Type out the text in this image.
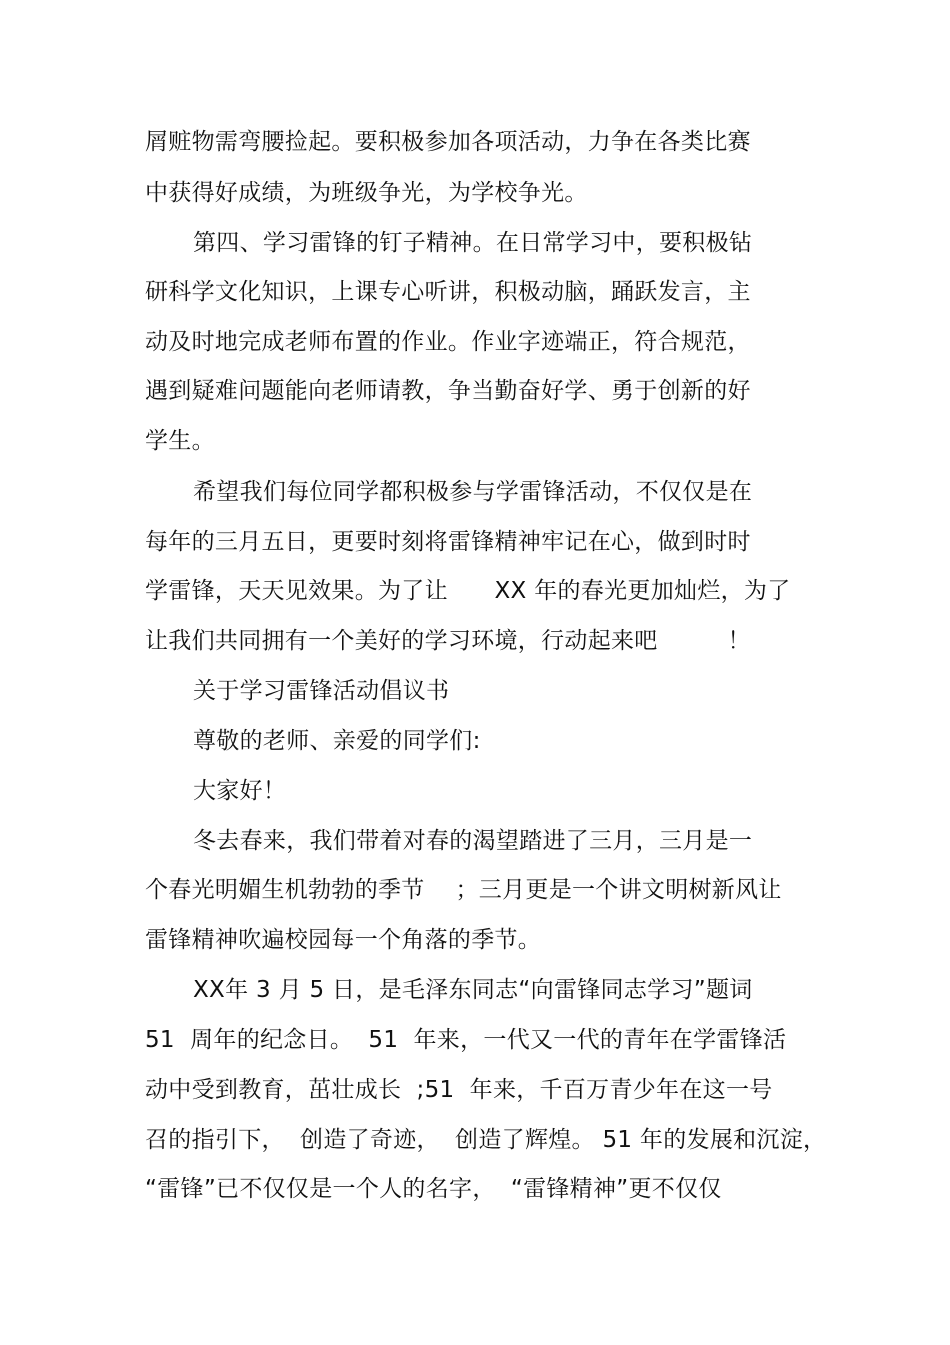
屑赃物需弯腰捡起。要积极参加各项活动，力争在各类比赛
中获得好成绩，为班级争光，为学校争光。
第四、学习雷锋的钉子精神。在日常学习中，要积极钻
研科学文化知识，上课专心听讲，积极动脑，踊跃发言，主
动及时地完成老师布置的作业。作业字迹端正，符合规范，
遇到疑难问题能向老师请教，争当勤奋好学、勇于创新的好
学生。
希望我们每位同学都积极参与学雷锋活动，不仅仅是在
每年的三月五日，更要时刻将雷锋精神牢记在心，做到时时
学雷锋，天天见效果。为了让　　XX 年的春光更加灿烂，为了
让我们共同拥有一个美好的学习环境，行动起来吧　　　！
关于学习雷锋活动倡议书
尊敬的老师、亲爱的同学们:
大家好！
冬去春来，我们带着对春的渴望踏进了三月，三月是一
个春光明媚生机勃勃的季节　 ；三月更是一个讲文明树新风让
雷锋精神吹遍校园每一个角落的季节。
XX年 3 月 5 日，是毛泽东同志“向雷锋同志学习”题词
51  周年的纪念日。  51  年来，一代又一代的青年在学雷锋活
动中受到教育，茁壮成长  ;51  年来，千百万青少年在这一号
召的指引下，  创造了奇迹，  创造了辉煌。 51 年的发展和沉淀，
“雷锋”已不仅仅是一个人的名字，  “雷锋精神”更不仅仅
